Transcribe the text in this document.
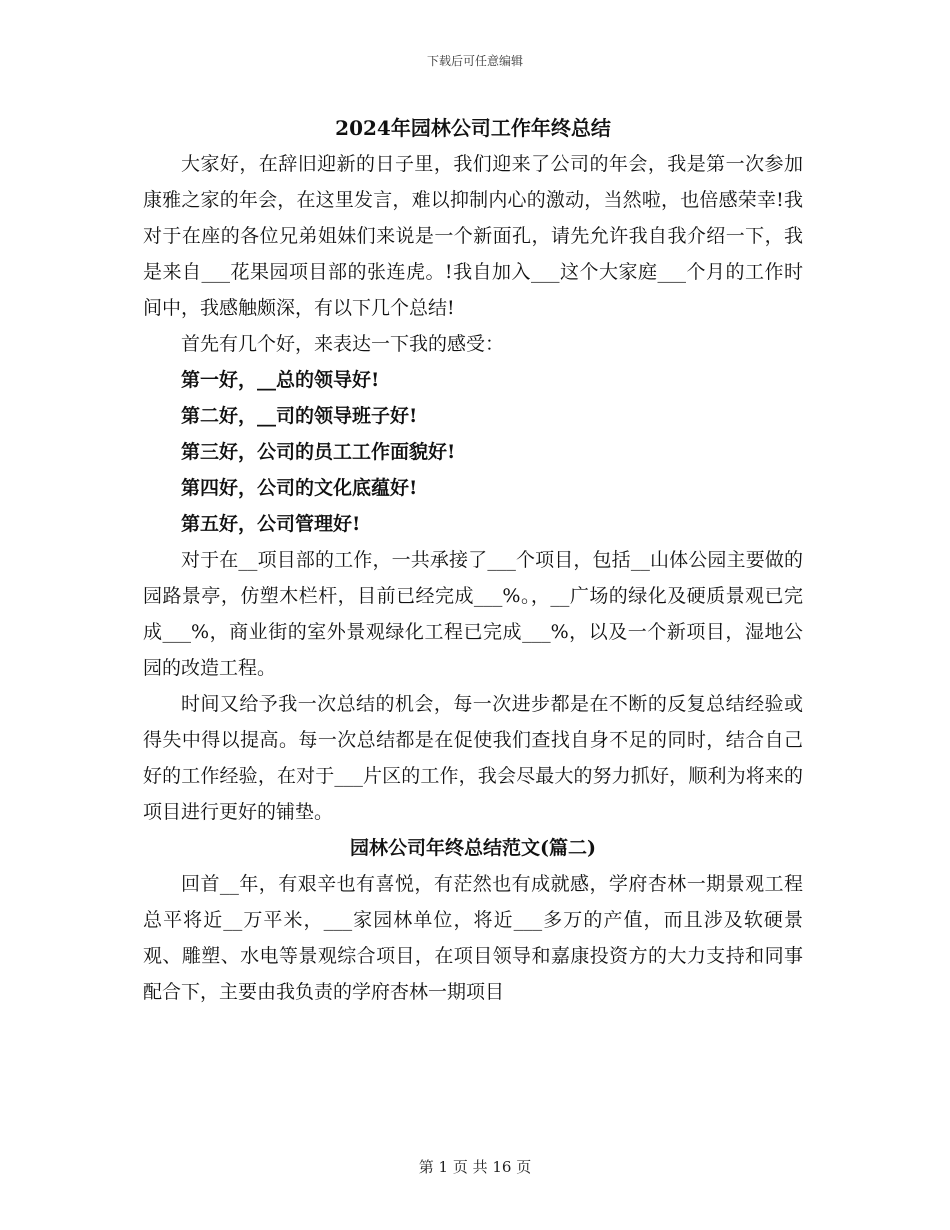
下载后可任意编辑
2024年园林公司工作年终总结

大家好，在辞旧迎新的日子里，我们迎来了公司的年会，我是第一次参加康雅之家的年会，在这里发言，难以抑制内心的激动，当然啦，也倍感荣幸!我对于在座的各位兄弟姐妹们来说是一个新面孔，请先允许我自我介绍一下，我是来自___花果园项目部的张连虎。!我自加入___这个大家庭___个月的工作时间中，我感触颇深，有以下几个总结!

首先有几个好，来表达一下我的感受：

第一好，__总的领导好!

第二好，__司的领导班子好!

第三好，公司的员工工作面貌好!

第四好，公司的文化底蕴好!

第五好，公司管理好!

对于在__项目部的工作，一共承接了___个项目，包括__山体公园主要做的园路景亭，仿塑木栏杆，目前已经完成___%。，__广场的绿化及硬质景观已完成___%，商业街的室外景观绿化工程已完成___%，以及一个新项目，湿地公园的改造工程。

时间又给予我一次总结的机会，每一次进步都是在不断的反复总结经验或得失中得以提高。每一次总结都是在促使我们查找自身不足的同时，结合自己好的工作经验，在对于___片区的工作，我会尽最大的努力抓好，顺利为将来的项目进行更好的铺垫。

园林公司年终总结范文(篇二)

回首__年，有艰辛也有喜悦，有茫然也有成就感，学府杏林一期景观工程总平将近__万平米，___家园林单位，将近___多万的产值，而且涉及软硬景观、雕塑、水电等景观综合项目，在项目领导和嘉康投资方的大力支持和同事配合下，主要由我负责的学府杏林一期项目

第 1 页 共 16 页
